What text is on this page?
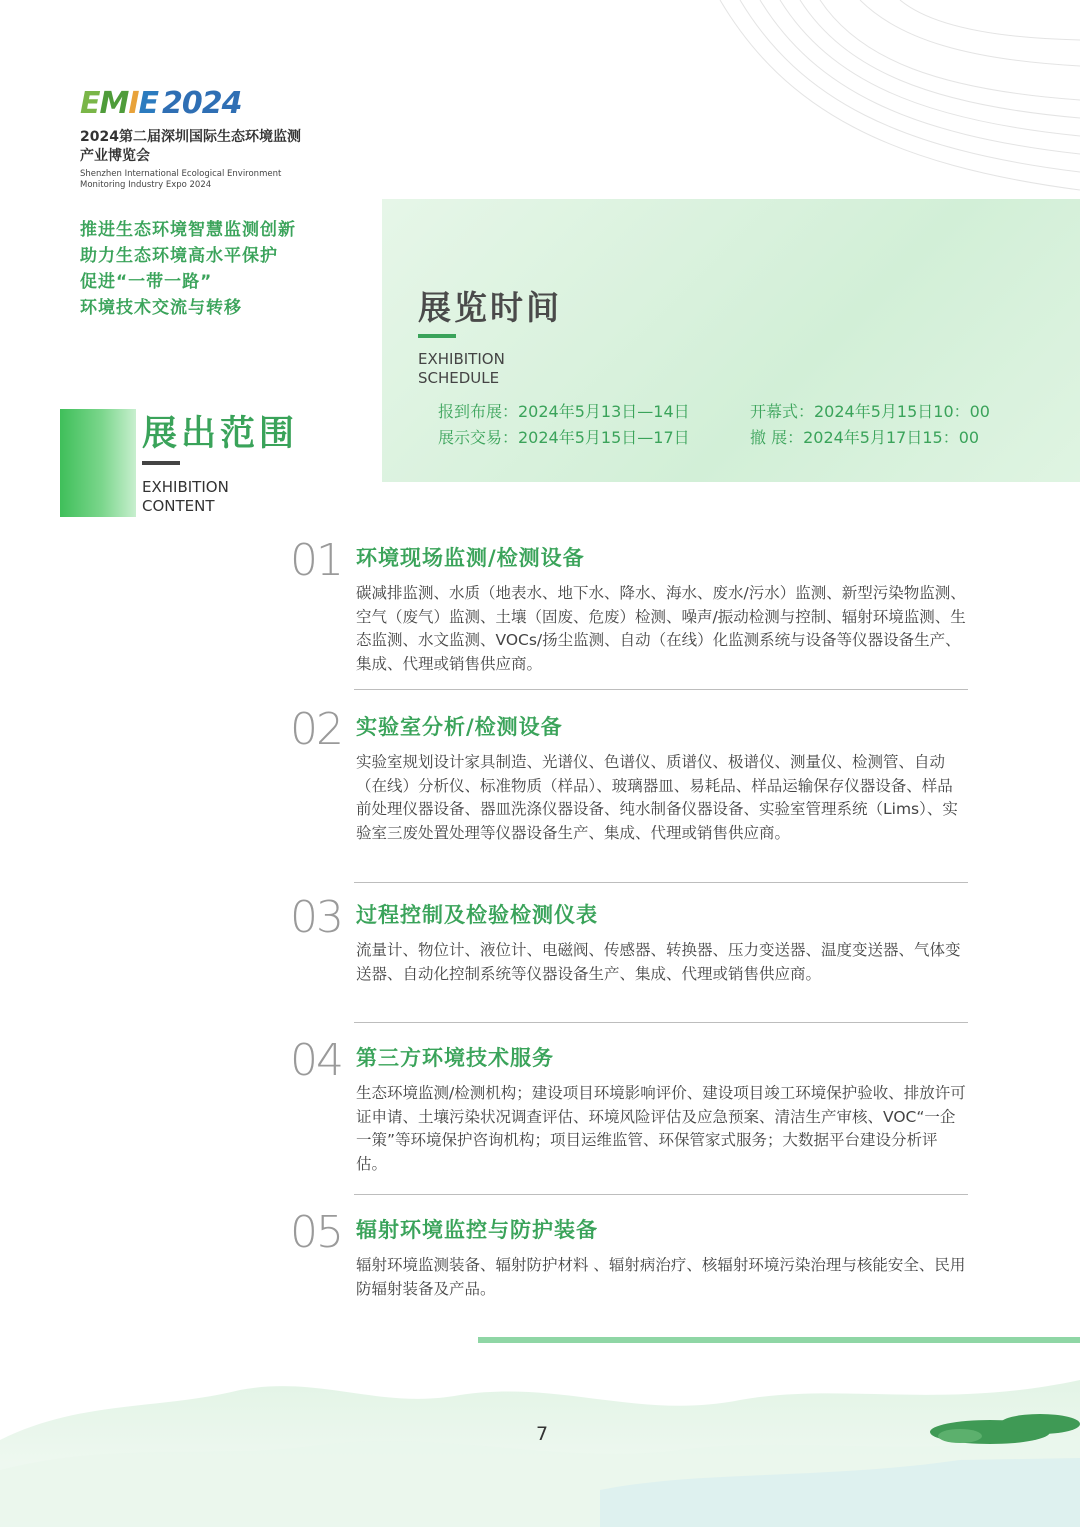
EMIE 2024
2024第二届深圳国际生态环境监测产业博览会
Shenzhen International Ecological Environment Monitoring Industry Expo 2024
推进生态环境智慧监测创新
助力生态环境高水平保护
促进“一带一路”
环境技术交流与转移	展览时间
EXHIBITION
SCHEDULE
报到布展：2024年5月13日—14日	开幕式：2024年5月15日10：00
展示交易：2024年5月15日—17日	撤 展：2024年5月17日15：00
展出范围
EXHIBITION
CONTENT
01 环境现场监测/检测设备
碳减排监测、水质（地表水、地下水、降水、海水、废水/污水）监测、新型污染物监测、空气（废气）监测、土壤（固废、危废）检测、噪声/振动检测与控制、辐射环境监测、生态监测、水文监测、VOCs/扬尘监测、自动（在线）化监测系统与设备等仪器设备生产、集成、代理或销售供应商。
02 实验室分析/检测设备
实验室规划设计家具制造、光谱仪、色谱仪、质谱仪、极谱仪、测量仪、检测管、自动（在线）分析仪、标准物质（样品）、玻璃器皿、易耗品、样品运输保存仪器设备、样品前处理仪器设备、器皿洗涤仪器设备、纯水制备仪器设备、实验室管理系统（Lims）、实验室三废处置处理等仪器设备生产、集成、代理或销售供应商。
03 过程控制及检验检测仪表
流量计、物位计、液位计、电磁阀、传感器、转换器、压力变送器、温度变送器、气体变送器、自动化控制系统等仪器设备生产、集成、代理或销售供应商。
04 第三方环境技术服务
生态环境监测/检测机构；建设项目环境影响评价、建设项目竣工环境保护验收、排放许可证申请、土壤污染状况调查评估、环境风险评估及应急预案、清洁生产审核、VOC“一企一策”等环境保护咨询机构；项目运维监管、环保管家式服务；大数据平台建设分析评估。
05 辐射环境监控与防护装备
辐射环境监测装备、辐射防护材料 、辐射病治疗、核辐射环境污染治理与核能安全、民用防辐射装备及产品。
7
